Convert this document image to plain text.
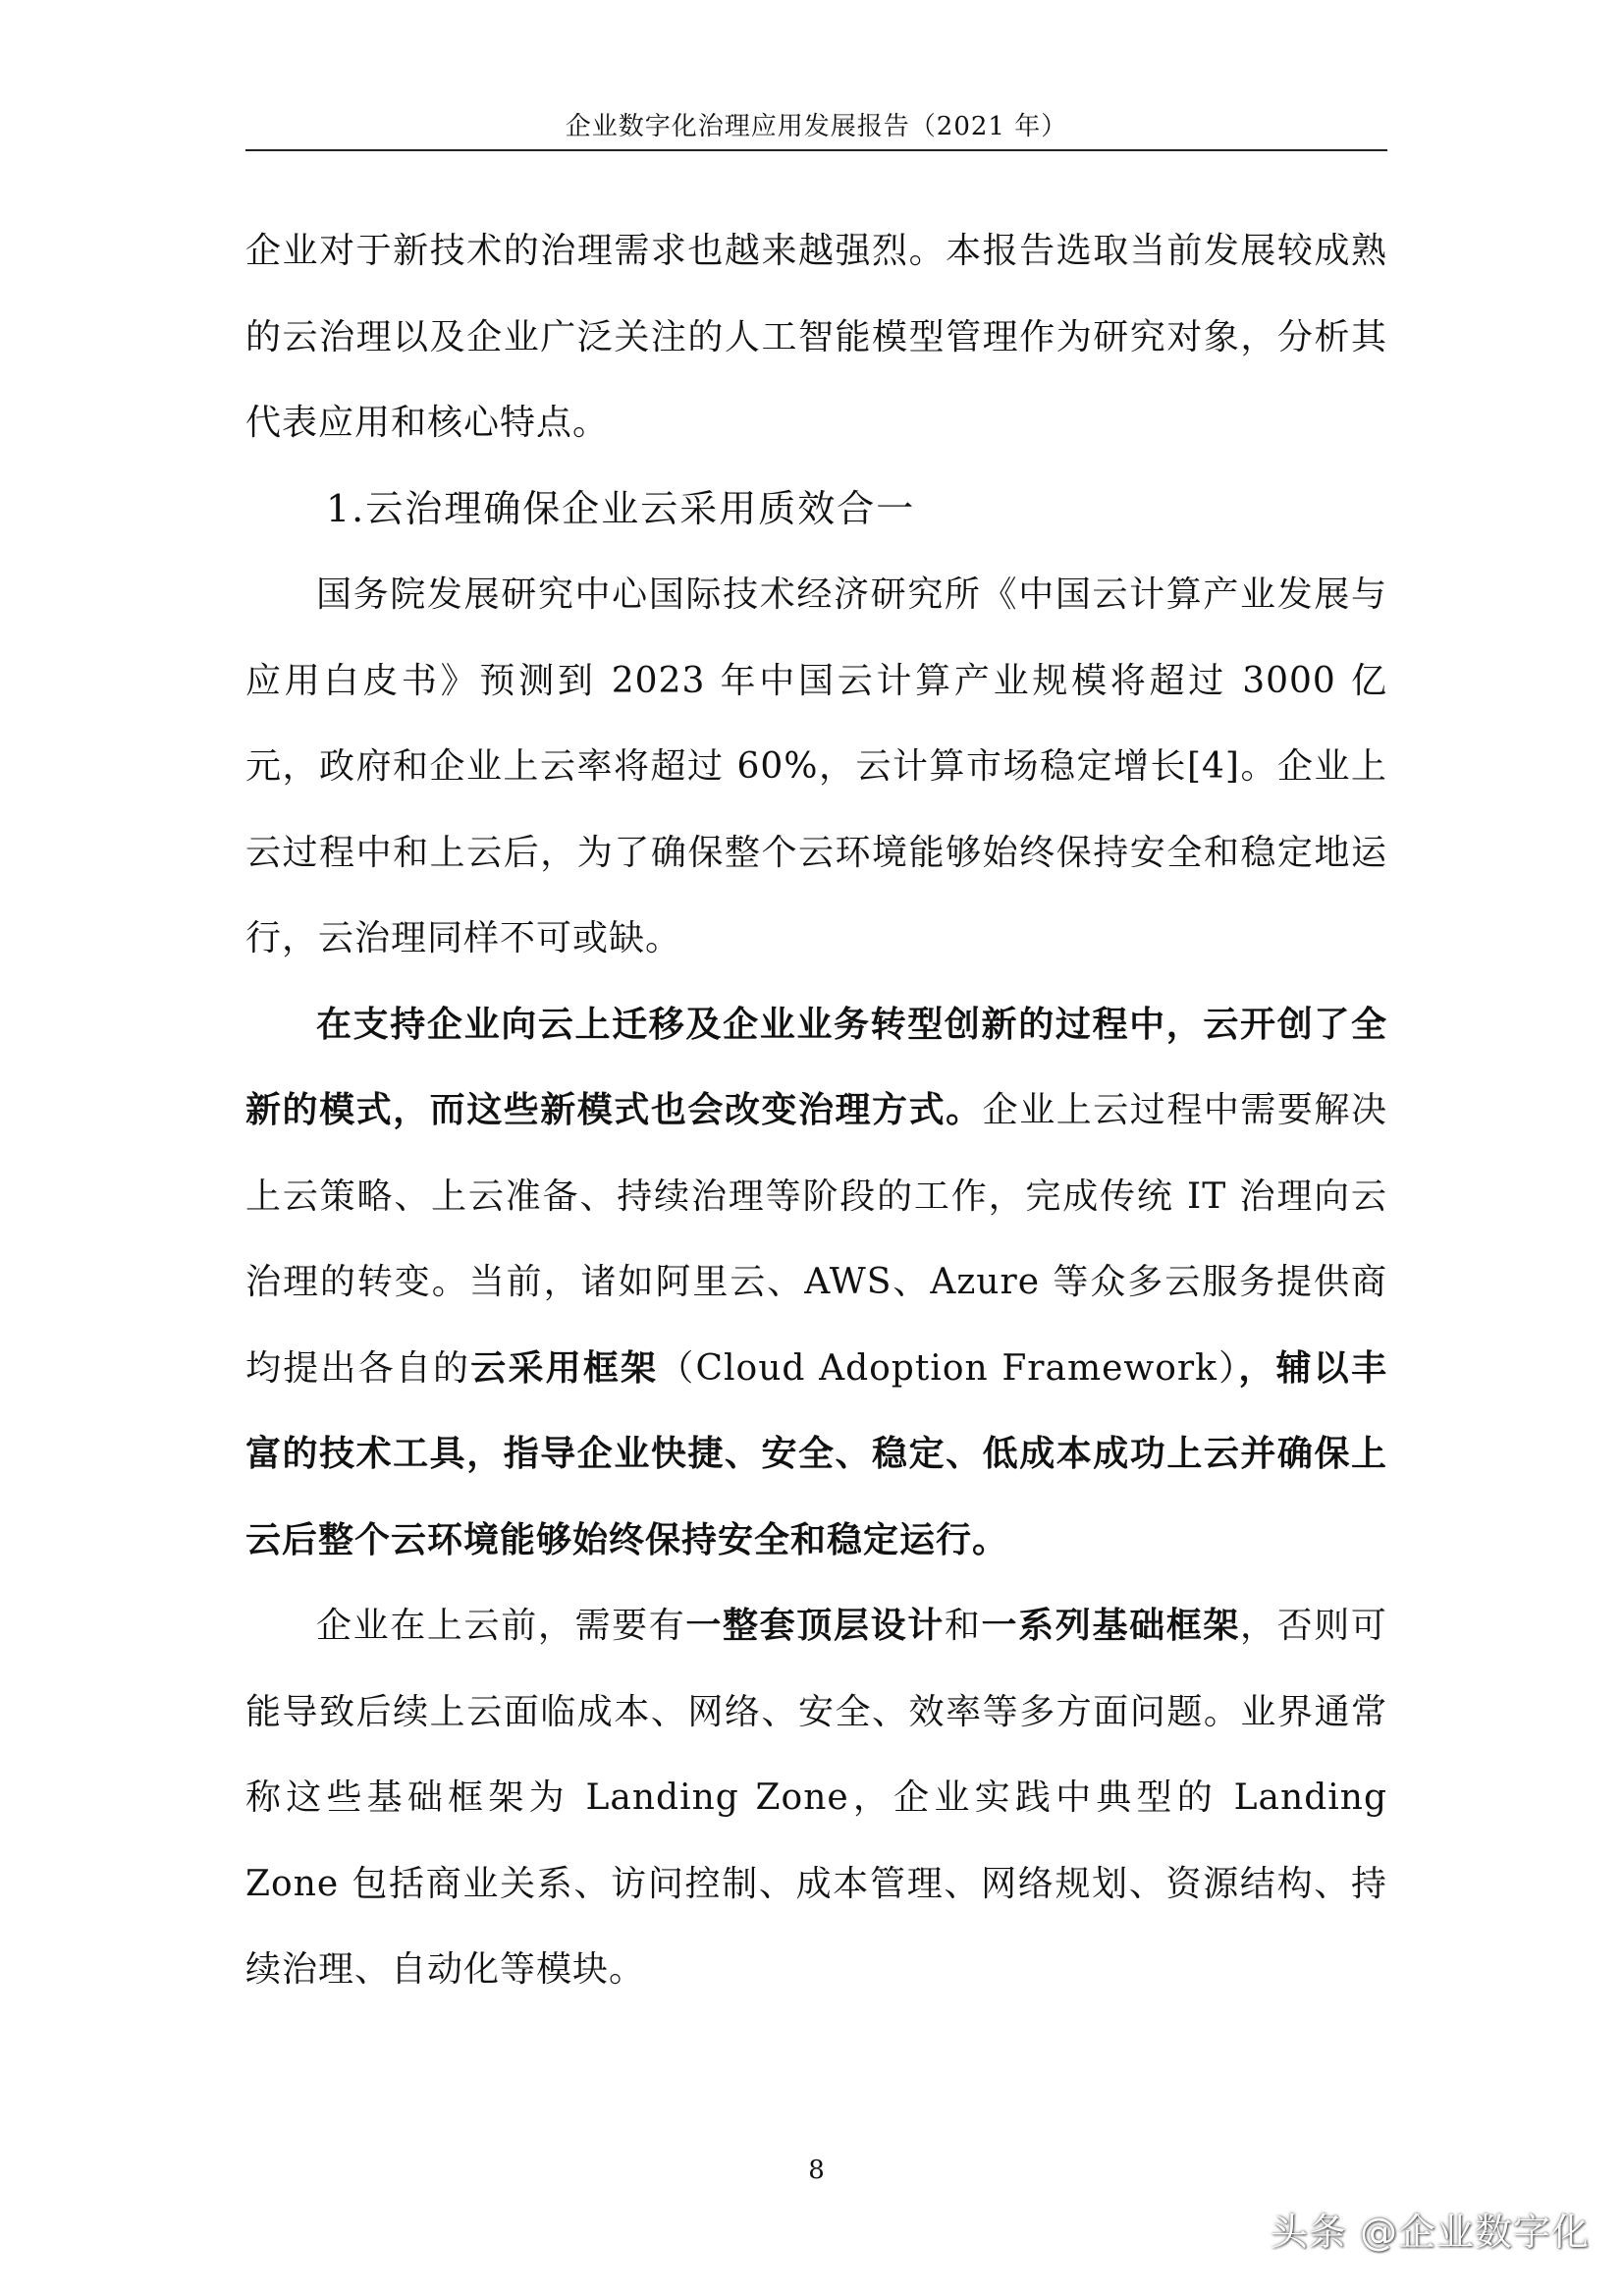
企业数字化治理应用发展报告（2021 年）

企业对于新技术的治理需求也越来越强烈。本报告选取当前发展较成熟的云治理以及企业广泛关注的人工智能模型管理作为研究对象，分析其代表应用和核心特点。

1.云治理确保企业云采用质效合一

国务院发展研究中心国际技术经济研究所《中国云计算产业发展与应用白皮书》预测到 2023 年中国云计算产业规模将超过 3000 亿元，政府和企业上云率将超过 60%，云计算市场稳定增长[4]。企业上云过程中和上云后，为了确保整个云环境能够始终保持安全和稳定地运行，云治理同样不可或缺。

在支持企业向云上迁移及企业业务转型创新的过程中，云开创了全新的模式，而这些新模式也会改变治理方式。企业上云过程中需要解决上云策略、上云准备、持续治理等阶段的工作，完成传统 IT 治理向云治理的转变。当前，诸如阿里云、AWS、Azure 等众多云服务提供商均提出各自的云采用框架（Cloud Adoption Framework），辅以丰富的技术工具，指导企业快捷、安全、稳定、低成本成功上云并确保上云后整个云环境能够始终保持安全和稳定运行。

企业在上云前，需要有一整套顶层设计和一系列基础框架，否则可能导致后续上云面临成本、网络、安全、效率等多方面问题。业界通常称这些基础框架为 Landing Zone，企业实践中典型的 Landing Zone 包括商业关系、访问控制、成本管理、网络规划、资源结构、持续治理、自动化等模块。

8
头条 @企业数字化
